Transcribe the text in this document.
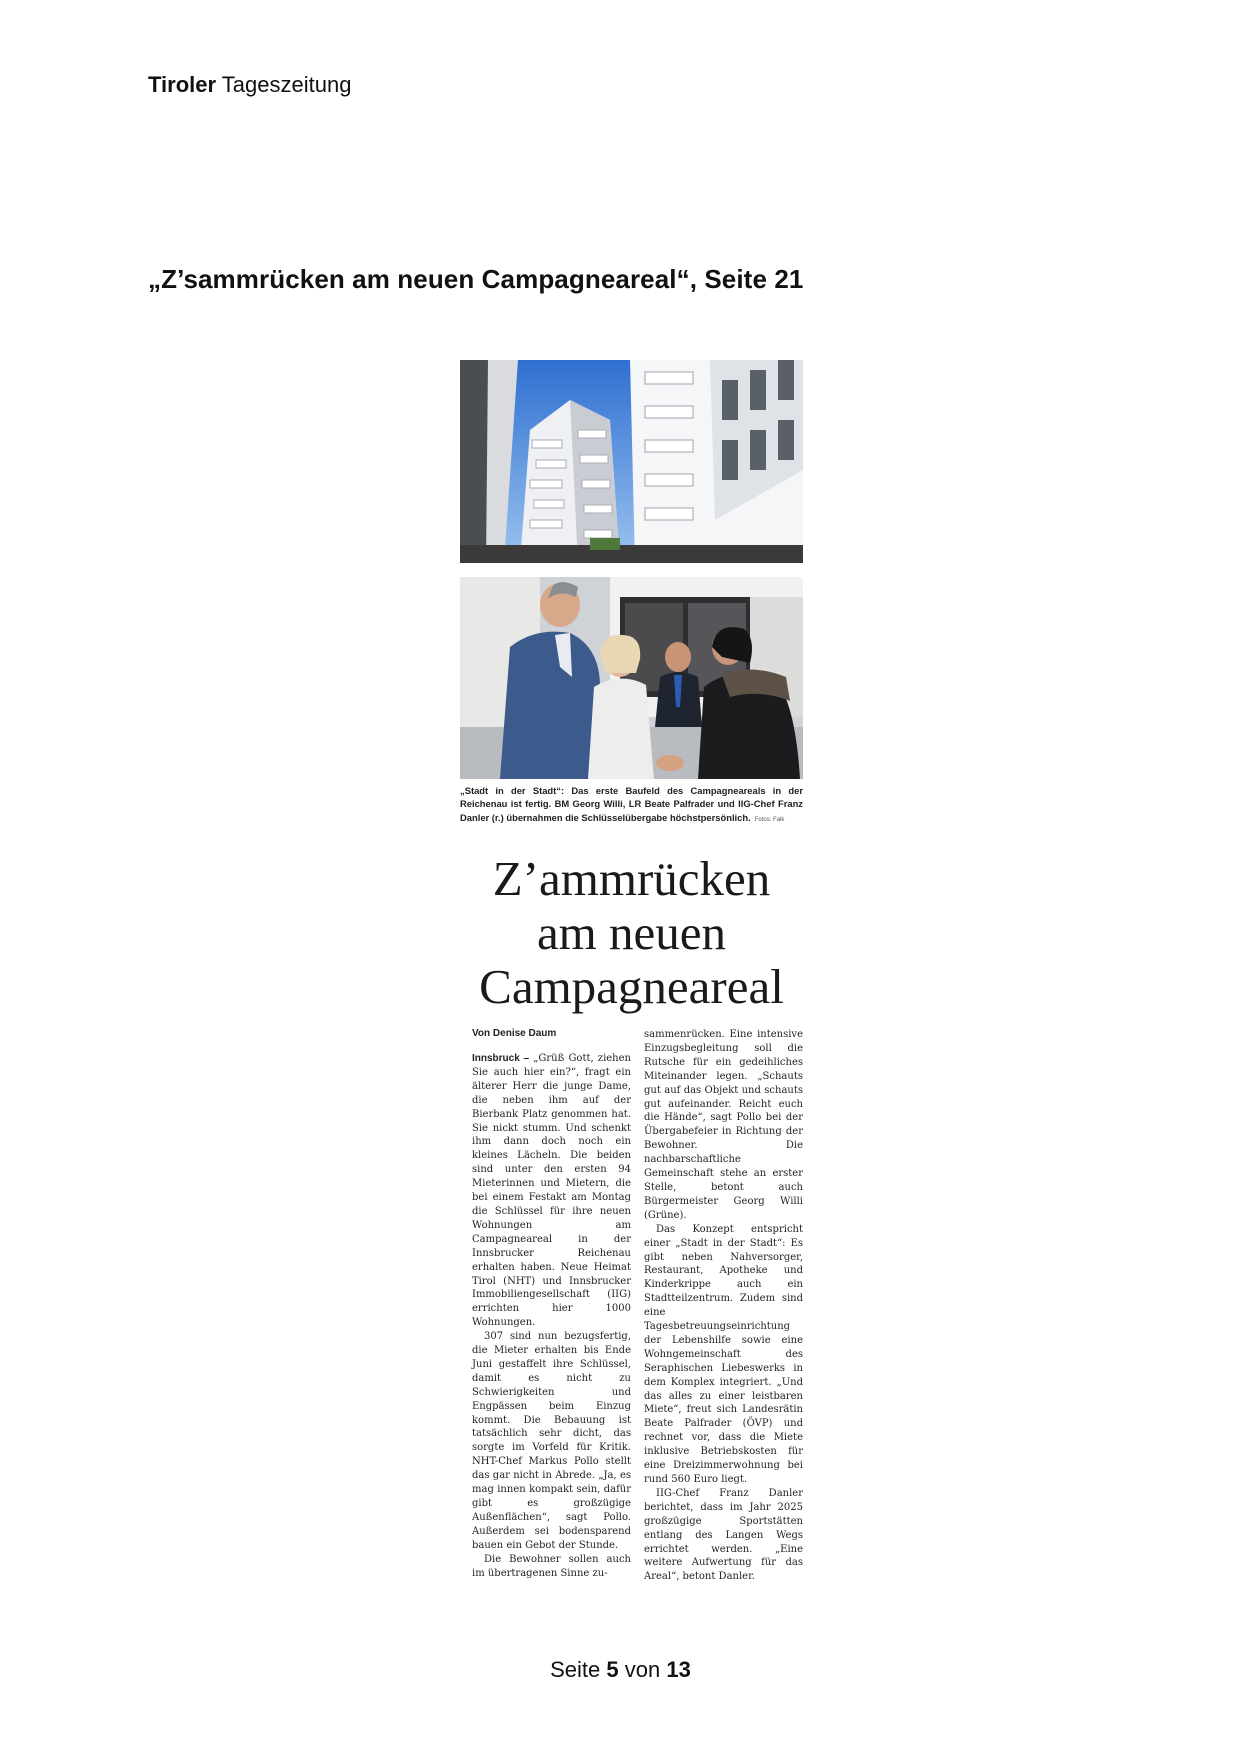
Tiroler Tageszeitung
„Z’sammrücken am neuen Campagneareal“, Seite 21
„Stadt in der Stadt“: Das erste Baufeld des Campagneareals in der Reichenau ist fertig. BM Georg Willi, LR Beate Palfrader und IIG-Chef Franz Danler (r.) übernahmen die Schlüsselübergabe höchstpersönlich. Fotos: Falk
Z’ammrücken
am neuen
Campagneareal
Von Denise Daum

Innsbruck – „Grüß Gott, ziehen Sie auch hier ein?“, fragt ein älterer Herr die junge Dame, die neben ihm auf der Bierbank Platz genommen hat. Sie nickt stumm. Und schenkt ihm dann doch noch ein kleines Lächeln. Die beiden sind unter den ersten 94 Mieterinnen und Mietern, die bei einem Festakt am Montag die Schlüssel für ihre neuen Wohnungen am Campagneareal in der Innsbrucker Reichenau erhalten haben. Neue Heimat Tirol (NHT) und Innsbrucker Immobiliengesellschaft (IIG) errichten hier 1000 Wohnungen.

307 sind nun bezugsfertig, die Mieter erhalten bis Ende Juni gestaffelt ihre Schlüssel, damit es nicht zu Schwierigkeiten und Engpässen beim Einzug kommt. Die Bebauung ist tatsächlich sehr dicht, das sorgte im Vorfeld für Kritik. NHT-Chef Markus Pollo stellt das gar nicht in Abrede. „Ja, es mag innen kompakt sein, dafür gibt es großzügige Außenflächen“, sagt Pollo. Außerdem sei bodensparend bauen ein Gebot der Stunde.

Die Bewohner sollen auch im übertragenen Sinne zu-

sammenrücken. Eine intensive Einzugsbegleitung soll die Rutsche für ein gedeihliches Miteinander legen. „Schauts gut auf das Objekt und schauts gut aufeinander. Reicht euch die Hände“, sagt Pollo bei der Übergabefeier in Richtung der Bewohner. Die nachbarschaftliche Gemeinschaft stehe an erster Stelle, betont auch Bürgermeister Georg Willi (Grüne).

Das Konzept entspricht einer „Stadt in der Stadt“: Es gibt neben Nahversorger, Restaurant, Apotheke und Kinderkrippe auch ein Stadtteilzentrum. Zudem sind eine Tagesbetreuungseinrichtung der Lebenshilfe sowie eine Wohngemeinschaft des Seraphischen Liebeswerks in dem Komplex integriert. „Und das alles zu einer leistbaren Miete“, freut sich Landesrätin Beate Palfrader (ÖVP) und rechnet vor, dass die Miete inklusive Betriebskosten für eine Dreizimmerwohnung bei rund 560 Euro liegt.

IIG-Chef Franz Danler berichtet, dass im Jahr 2025 großzügige Sportstätten entlang des Langen Wegs errichtet werden. „Eine weitere Aufwertung für das Areal“, betont Danler.

Seite 5 von 13
